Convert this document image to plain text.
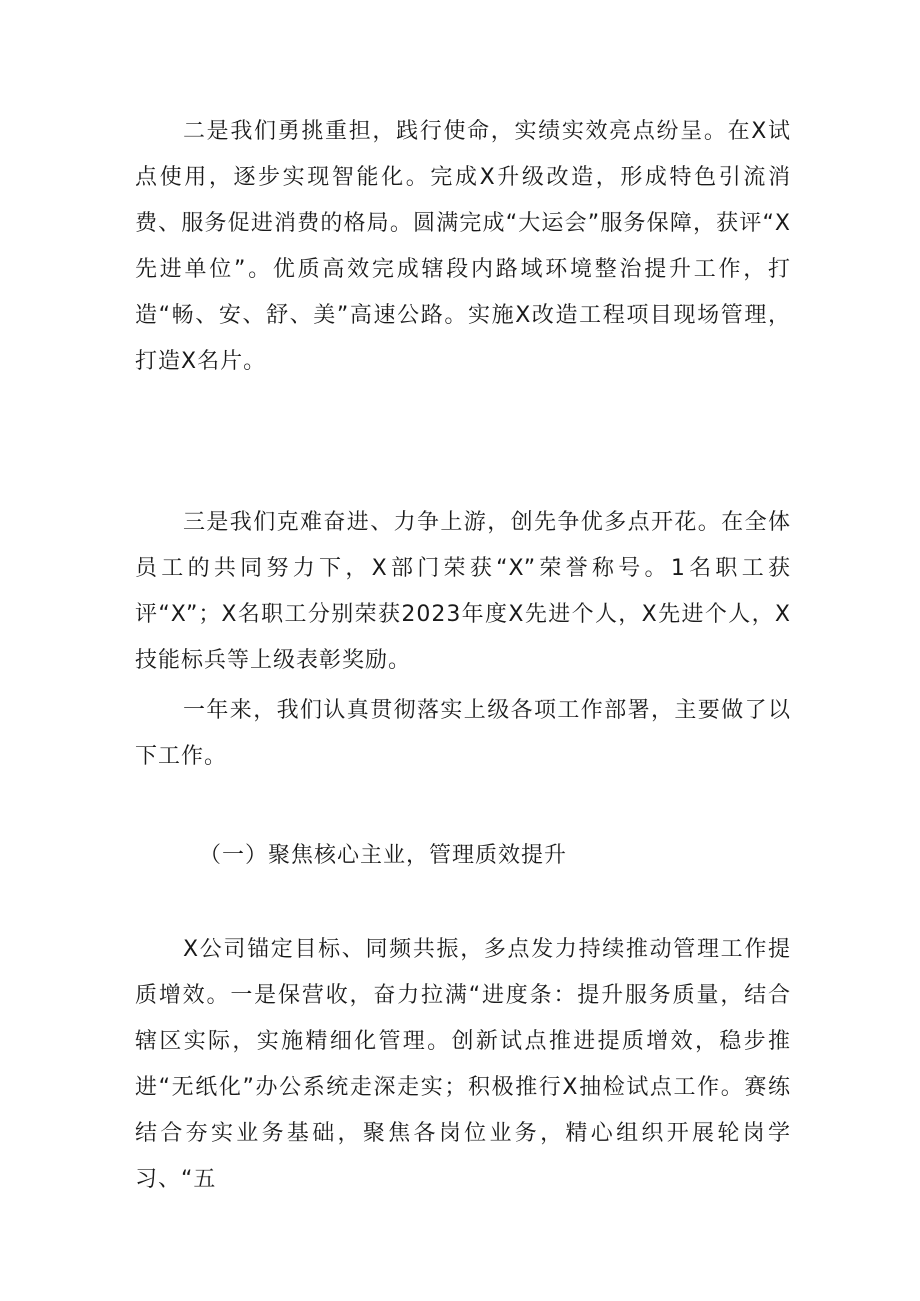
二是我们勇挑重担，践行使命，实绩实效亮点纷呈。在X试点使用，逐步实现智能化。完成X升级改造，形成特色引流消费、服务促进消费的格局。圆满完成“大运会”服务保障，获评“X先进单位”。优质高效完成辖段内路域环境整治提升工作，打造“畅、安、舒、美”高速公路。实施X改造工程项目现场管理，打造X名片。

三是我们克难奋进、力争上游，创先争优多点开花。在全体员工的共同努力下，X部门荣获“X”荣誉称号。1名职工获评“X”；X名职工分别荣获2023年度X先进个人，X先进个人，X技能标兵等上级表彰奖励。

一年来，我们认真贯彻落实上级各项工作部署，主要做了以下工作。

（一）聚焦核心主业，管理质效提升

X公司锚定目标、同频共振，多点发力持续推动管理工作提质增效。一是保营收，奋力拉满“进度条：提升服务质量，结合辖区实际，实施精细化管理。创新试点推进提质增效，稳步推进“无纸化”办公系统走深走实；积极推行X抽检试点工作。赛练结合夯实业务基础，聚焦各岗位业务，精心组织开展轮岗学习、“五
